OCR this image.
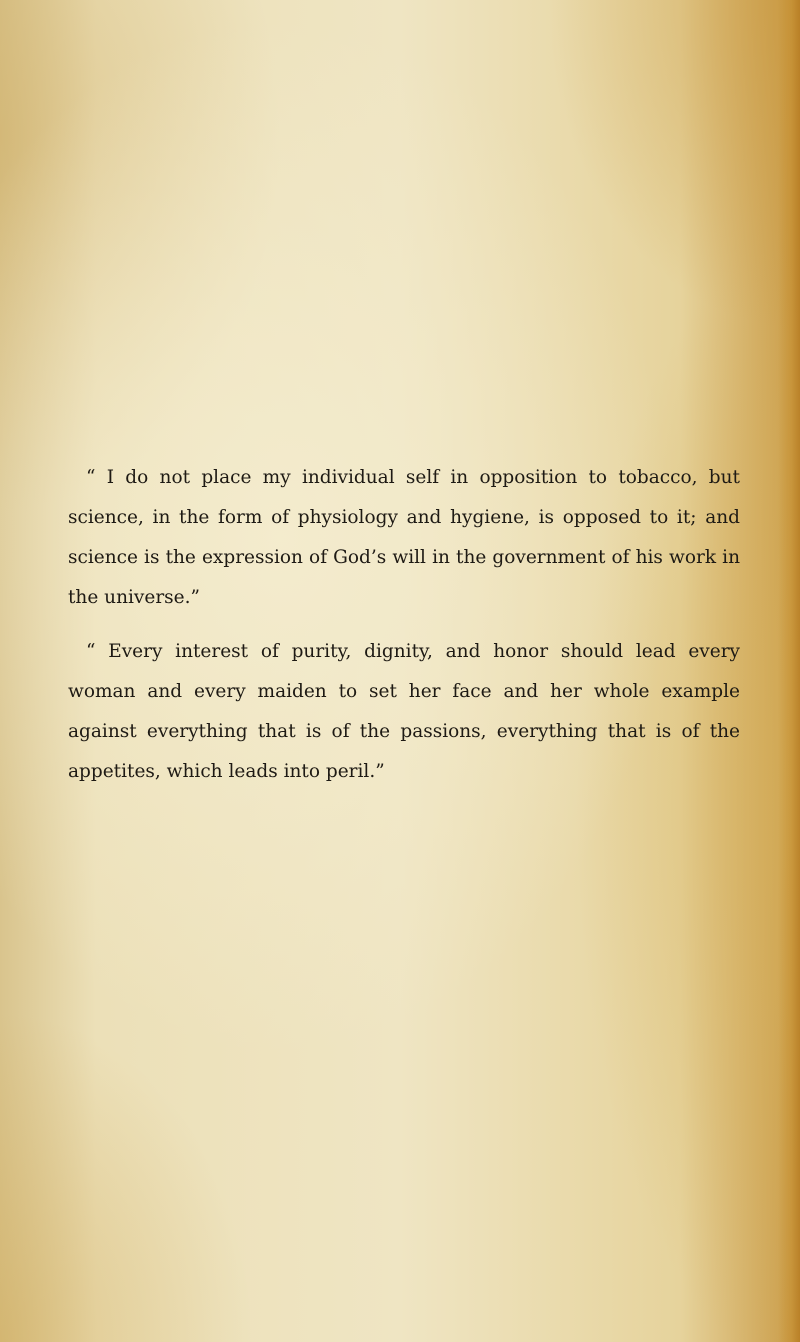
“ I do not place my individual self in opposition to tobacco, but science, in the form of physiology and hygiene, is opposed to it; and science is the expression of God’s will in the government of his work in the universe.”

“ Every interest of purity, dignity, and honor should lead every woman and every maiden to set her face and her whole example against everything that is of the passions, everything that is of the appetites, which leads into peril.”
